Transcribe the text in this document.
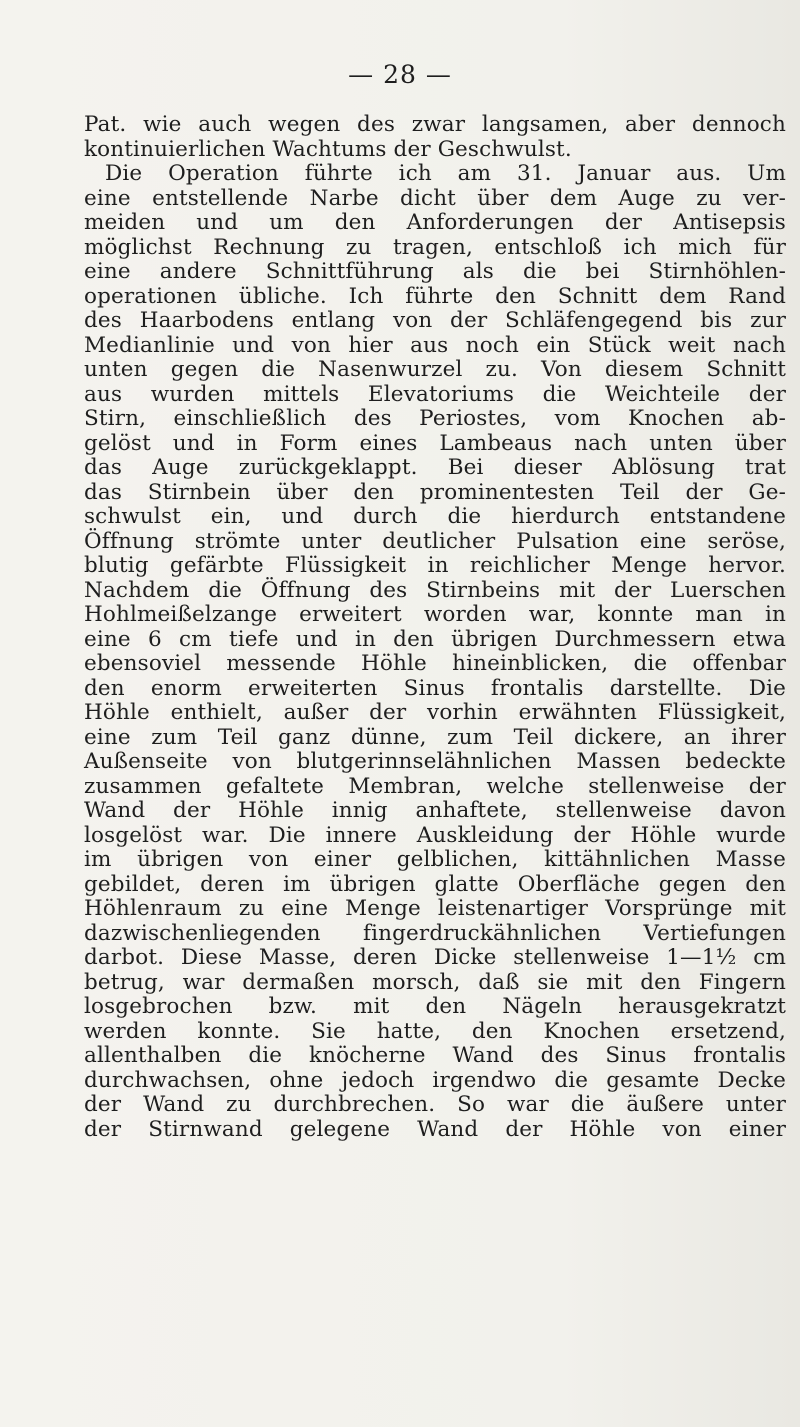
— 28 —
Pat. wie auch wegen des zwar langsamen, aber dennoch
kontinuierlichen Wachtums der Geschwulst.
Die Operation führte ich am 31. Januar aus. Um
eine entstellende Narbe dicht über dem Auge zu ver-
meiden und um den Anforderungen der Antisepsis
möglichst Rechnung zu tragen, entschloß ich mich für
eine andere Schnittführung als die bei Stirnhöhlen-
operationen übliche. Ich führte den Schnitt dem Rand
des Haarbodens entlang von der Schläfengegend bis zur
Medianlinie und von hier aus noch ein Stück weit nach
unten gegen die Nasenwurzel zu. Von diesem Schnitt
aus wurden mittels Elevatoriums die Weichteile der
Stirn, einschließlich des Periostes, vom Knochen ab-
gelöst und in Form eines Lambeaus nach unten über
das Auge zurückgeklappt. Bei dieser Ablösung trat
das Stirnbein über den prominentesten Teil der Ge-
schwulst ein, und durch die hierdurch entstandene
Öffnung strömte unter deutlicher Pulsation eine seröse,
blutig gefärbte Flüssigkeit in reichlicher Menge hervor.
Nachdem die Öffnung des Stirnbeins mit der Luerschen
Hohlmeißelzange erweitert worden war, konnte man in
eine 6 cm tiefe und in den übrigen Durchmessern etwa
ebensoviel messende Höhle hineinblicken, die offenbar
den enorm erweiterten Sinus frontalis darstellte. Die
Höhle enthielt, außer der vorhin erwähnten Flüssigkeit,
eine zum Teil ganz dünne, zum Teil dickere, an ihrer
Außenseite von blutgerinnselähnlichen Massen bedeckte
zusammen gefaltete Membran, welche stellenweise der
Wand der Höhle innig anhaftete, stellenweise davon
losgelöst war. Die innere Auskleidung der Höhle wurde
im übrigen von einer gelblichen, kittähnlichen Masse
gebildet, deren im übrigen glatte Oberfläche gegen den
Höhlenraum zu eine Menge leistenartiger Vorsprünge mit
dazwischenliegenden fingerdruckähnlichen Vertiefungen
darbot. Diese Masse, deren Dicke stellenweise 1—1½ cm
betrug, war dermaßen morsch, daß sie mit den Fingern
losgebrochen bzw. mit den Nägeln herausgekratzt
werden konnte. Sie hatte, den Knochen ersetzend,
allenthalben die knöcherne Wand des Sinus frontalis
durchwachsen, ohne jedoch irgendwo die gesamte Decke
der Wand zu durchbrechen. So war die äußere unter
der Stirnwand gelegene Wand der Höhle von einer
